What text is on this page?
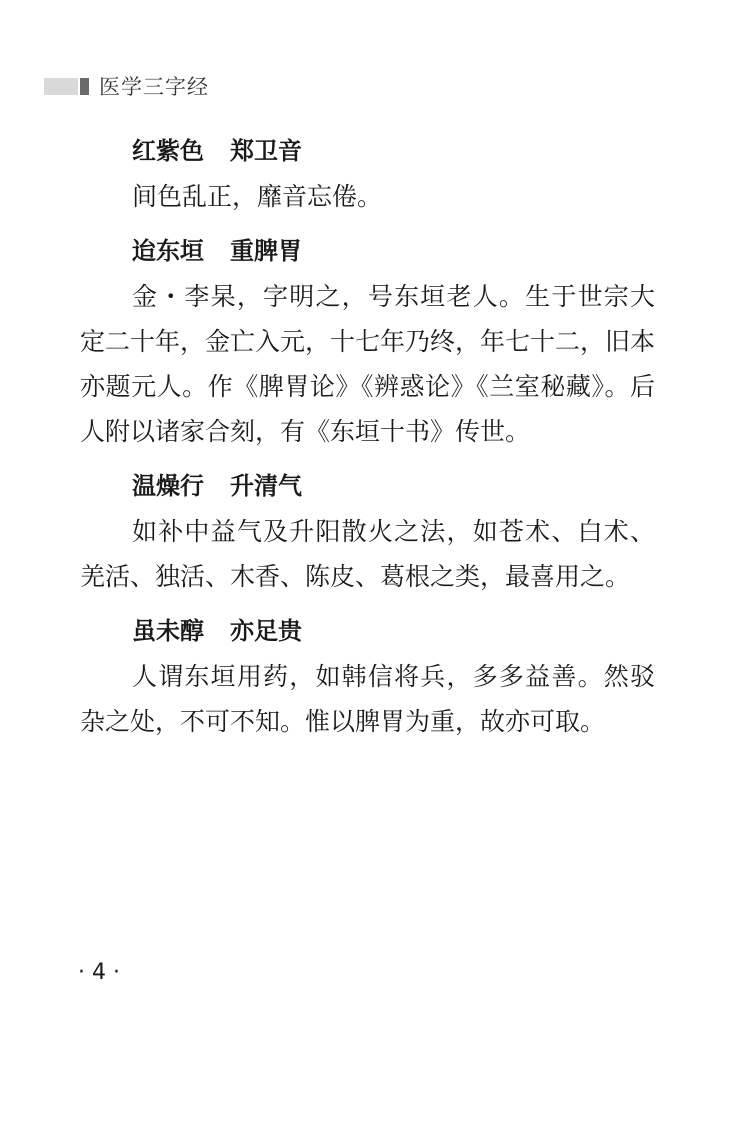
医学三字经

红紫色 郑卫音

间色乱正，靡音忘倦。

迨东垣 重脾胃

金・李杲，字明之，号东垣老人。生于世宗大定二十年，金亡入元，十七年乃终，年七十二，旧本亦题元人。作《脾胃论》《辨惑论》《兰室秘藏》。后人附以诸家合刻，有《东垣十书》传世。

温燥行 升清气

如补中益气及升阳散火之法，如苍术、白术、羌活、独活、木香、陈皮、葛根之类，最喜用之。

虽未醇 亦足贵

人谓东垣用药，如韩信将兵，多多益善。然驳杂之处，不可不知。惟以脾胃为重，故亦可取。

· 4 ·
